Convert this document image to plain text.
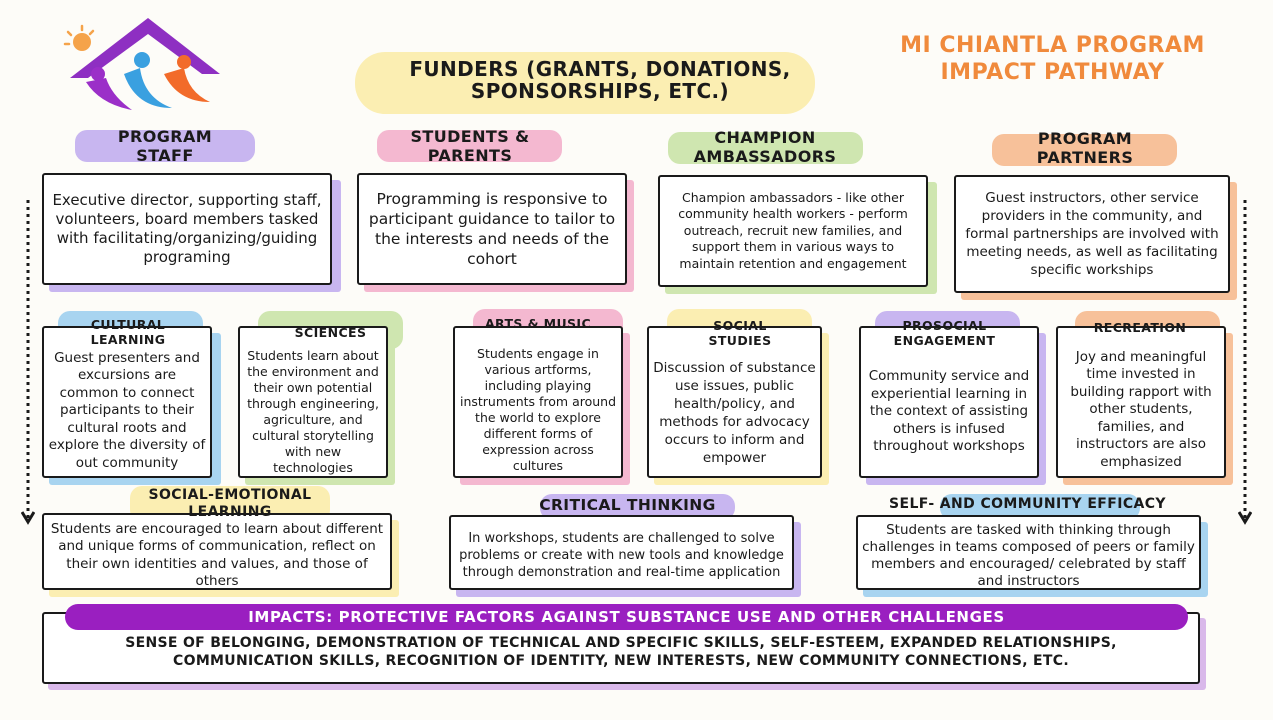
MI CHIANTLA PROGRAM
IMPACT PATHWAY
FUNDERS (GRANTS, DONATIONS,
SPONSORSHIPS, ETC.)
PROGRAM
STAFF
Executive director, supporting staff, volunteers, board members tasked with facilitating/organizing/guiding programing
STUDENTS &
PARENTS
Programming is responsive to participant guidance to tailor to the interests and needs of the cohort
CHAMPION
AMBASSADORS
Champion ambassadors - like other community health workers - perform outreach, recruit new families, and support them in various ways to maintain retention and engagement
PROGRAM
PARTNERS
Guest instructors, other service providers in the community, and formal partnerships are involved with meeting needs, as well as facilitating specific workships
CULTURAL
LEARNING
Guest presenters and excursions are common to connect participants to their cultural roots and explore the diversity of out community
SCIENCES
Students learn about the environment and their own potential through engineering, agriculture, and cultural storytelling with new technologies
ARTS & MUSIC
Students engage in various artforms, including playing instruments from around the world to explore different forms of expression across cultures
SOCIAL
STUDIES
Discussion of substance use issues, public health/policy, and methods for advocacy occurs to inform and empower
PROSOCIAL
ENGAGEMENT
Community service and experiential learning in the context of assisting others is infused throughout workshops
RECREATION
Joy and meaningful time invested in building rapport with other students, families, and instructors are also emphasized
SOCIAL-EMOTIONAL
LEARNING
Students are encouraged to learn about different and unique forms of communication, reflect on their own identities and values, and those of others
CRITICAL THINKING
In workshops, students are challenged to solve problems or create with new tools and knowledge through demonstration and real-time application
SELF- AND COMMUNITY EFFICACY
Students are tasked with thinking through challenges in teams composed of peers or family members and encouraged/ celebrated by staff and instructors
IMPACTS: PROTECTIVE FACTORS AGAINST SUBSTANCE USE AND OTHER CHALLENGES
SENSE OF BELONGING, DEMONSTRATION OF TECHNICAL AND SPECIFIC SKILLS, SELF-ESTEEM, EXPANDED RELATIONSHIPS,
COMMUNICATION SKILLS, RECOGNITION OF IDENTITY, NEW INTERESTS, NEW COMMUNITY CONNECTIONS, ETC.
